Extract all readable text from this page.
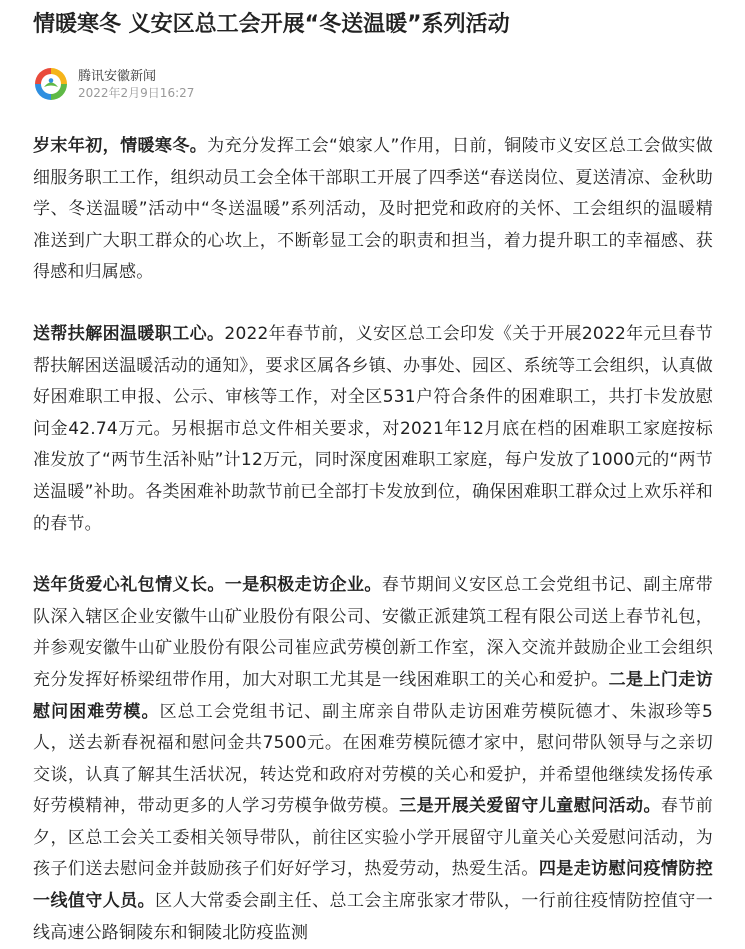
情暖寒冬 义安区总工会开展“冬送温暖”系列活动
腾讯安徽新闻
2022年2月9日16:27

岁末年初，情暖寒冬。为充分发挥工会“娘家人”作用，日前，铜陵市义安区总工会做实做细服务职工工作，组织动员工会全体干部职工开展了四季送“春送岗位、夏送清凉、金秋助学、冬送温暖”活动中“冬送温暖”系列活动，及时把党和政府的关怀、工会组织的温暖精准送到广大职工群众的心坎上，不断彰显工会的职责和担当，着力提升职工的幸福感、获得感和归属感。

送帮扶解困温暖职工心。2022年春节前，义安区总工会印发《关于开展2022年元旦春节帮扶解困送温暖活动的通知》，要求区属各乡镇、办事处、园区、系统等工会组织，认真做好困难职工申报、公示、审核等工作，对全区531户符合条件的困难职工，共打卡发放慰问金42.74万元。另根据市总文件相关要求，对2021年12月底在档的困难职工家庭按标准发放了“两节生活补贴”计12万元，同时深度困难职工家庭，每户发放了1000元的“两节送温暖”补助。各类困难补助款节前已全部打卡发放到位，确保困难职工群众过上欢乐祥和的春节。

送年货爱心礼包情义长。一是积极走访企业。春节期间义安区总工会党组书记、副主席带队深入辖区企业安徽牛山矿业股份有限公司、安徽正派建筑工程有限公司送上春节礼包，并参观安徽牛山矿业股份有限公司崔应武劳模创新工作室，深入交流并鼓励企业工会组织充分发挥好桥梁纽带作用，加大对职工尤其是一线困难职工的关心和爱护。二是上门走访慰问困难劳模。区总工会党组书记、副主席亲自带队走访困难劳模阮德才、朱淑珍等5人，送去新春祝福和慰问金共7500元。在困难劳模阮德才家中，慰问带队领导与之亲切交谈，认真了解其生活状况，转达党和政府对劳模的关心和爱护，并希望他继续发扬传承好劳模精神，带动更多的人学习劳模争做劳模。三是开展关爱留守儿童慰问活动。春节前夕，区总工会关工委相关领导带队，前往区实验小学开展留守儿童关心关爱慰问活动，为孩子们送去慰问金并鼓励孩子们好好学习，热爱劳动，热爱生活。四是走访慰问疫情防控一线值守人员。区人大常委会副主任、总工会主席张家才带队，一行前往疫情防控值守一线高速公路铜陵东和铜陵北防疫监测
